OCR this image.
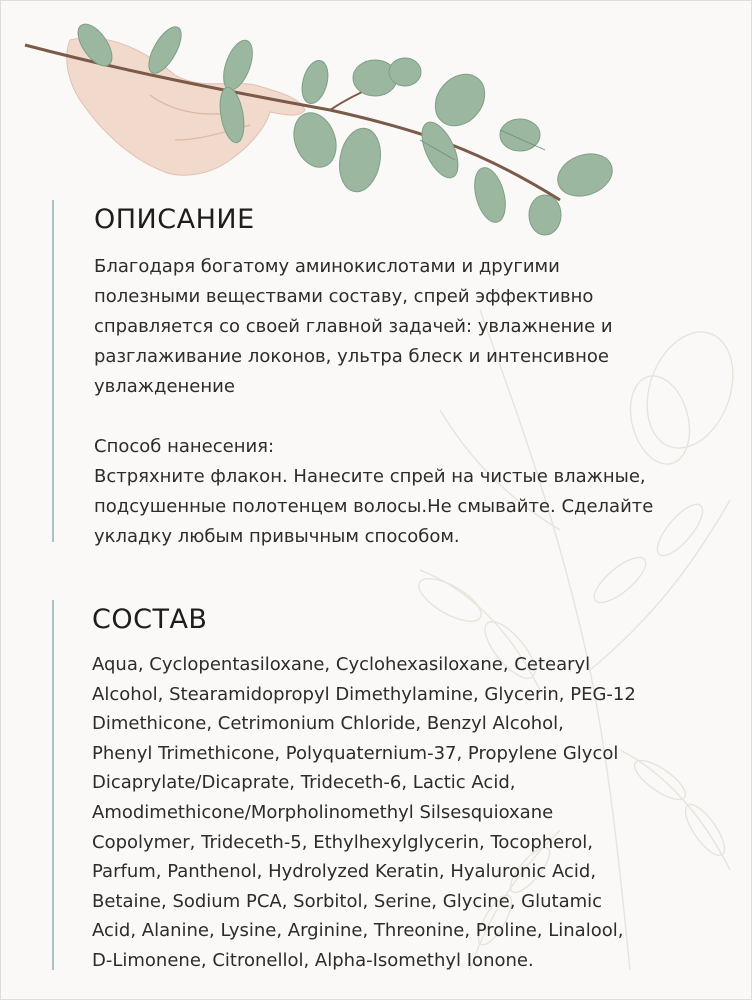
ОПИСАНИЕ

Благодаря богатому аминокислотами и другими
полезными веществами составу, спрей эффективно
справляется со своей главной задачей: увлажнение и
разглаживание локонов, ультра блеск и интенсивное
увлажденение

Способ нанесения:
Встряхните флакон. Нанесите спрей на чистые влажные,
подсушенные полотенцем волосы.Не смывайте. Сделайте
укладку любым привычным способом.

СОСТАВ
Aqua, Cyclopentasiloxane, Cyclohexasiloxane, Cetearyl
Alcohol, Stearamidopropyl Dimethylamine, Glycerin, PEG-12
Dimethicone, Cetrimonium Chloride, Benzyl Alcohol,
Phenyl Trimethicone, Polyquaternium-37, Propylene Glycol
Dicaprylate/Dicaprate, Trideceth-6, Lactic Acid,
Amodimethicone/Morpholinomethyl Silsesquioxane
Copolymer, Trideceth-5, Ethylhexylglycerin, Tocopherol,
Parfum, Panthenol, Hydrolyzed Keratin, Hyaluronic Acid,
Betaine, Sodium PCA, Sorbitol, Serine, Glycine, Glutamic
Acid, Alanine, Lysine, Arginine, Threonine, Proline, Linalool,
D-Limonene, Citronellol, Alpha-Isomethyl Ionone.
